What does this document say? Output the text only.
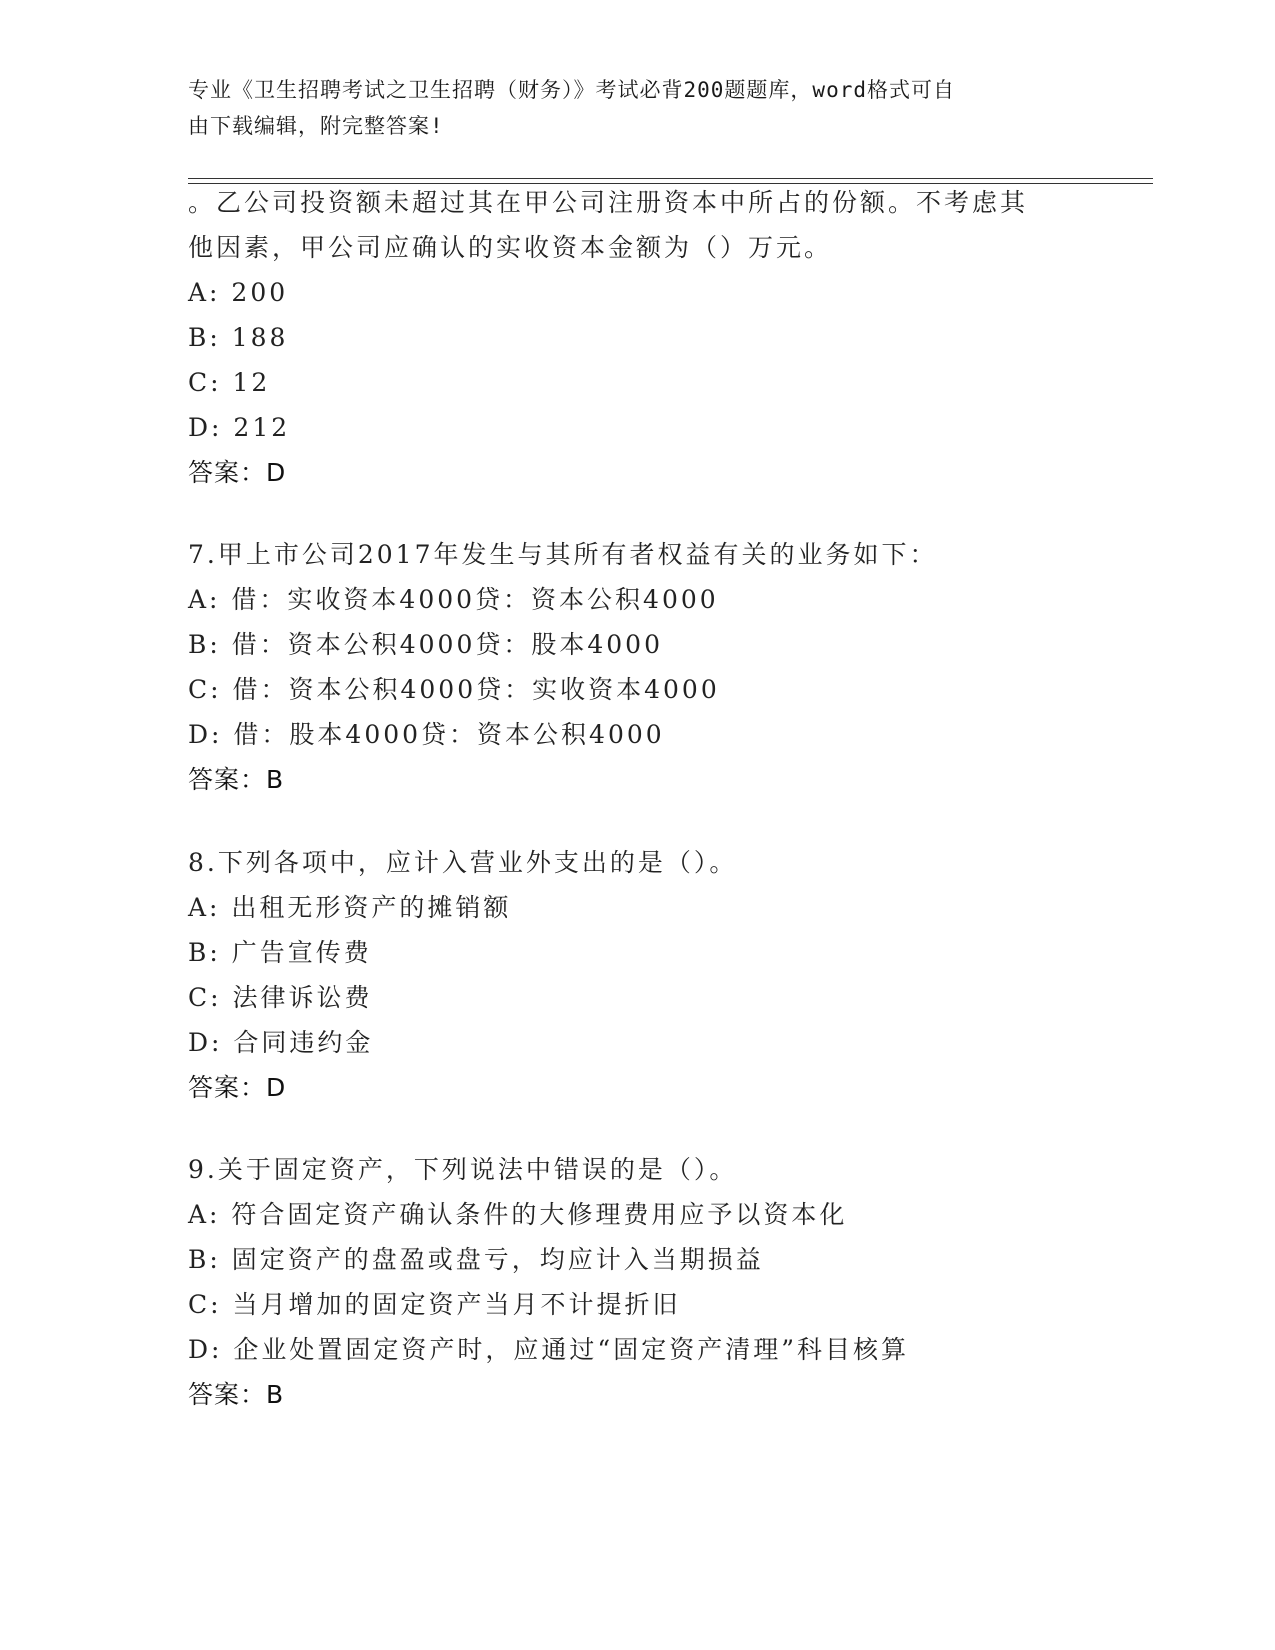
专业《卫生招聘考试之卫生招聘（财务）》考试必背200题题库，word格式可自
由下载编辑，附完整答案!
。乙公司投资额未超过其在甲公司注册资本中所占的份额。不考虑其
他因素，甲公司应确认的实收资本金额为（）万元。
A: 200
B: 188
C: 12
D: 212
答案：D
7.甲上市公司2017年发生与其所有者权益有关的业务如下：
A: 借：实收资本4000贷：资本公积4000
B: 借：资本公积4000贷：股本4000
C: 借：资本公积4000贷：实收资本4000
D: 借：股本4000贷：资本公积4000
答案：B
8.下列各项中，应计入营业外支出的是（）。
A: 出租无形资产的摊销额
B: 广告宣传费
C: 法律诉讼费
D: 合同违约金
答案：D
9.关于固定资产，下列说法中错误的是（）。
A: 符合固定资产确认条件的大修理费用应予以资本化
B: 固定资产的盘盈或盘亏，均应计入当期损益
C: 当月增加的固定资产当月不计提折旧
D: 企业处置固定资产时，应通过“固定资产清理”科目核算
答案：B
